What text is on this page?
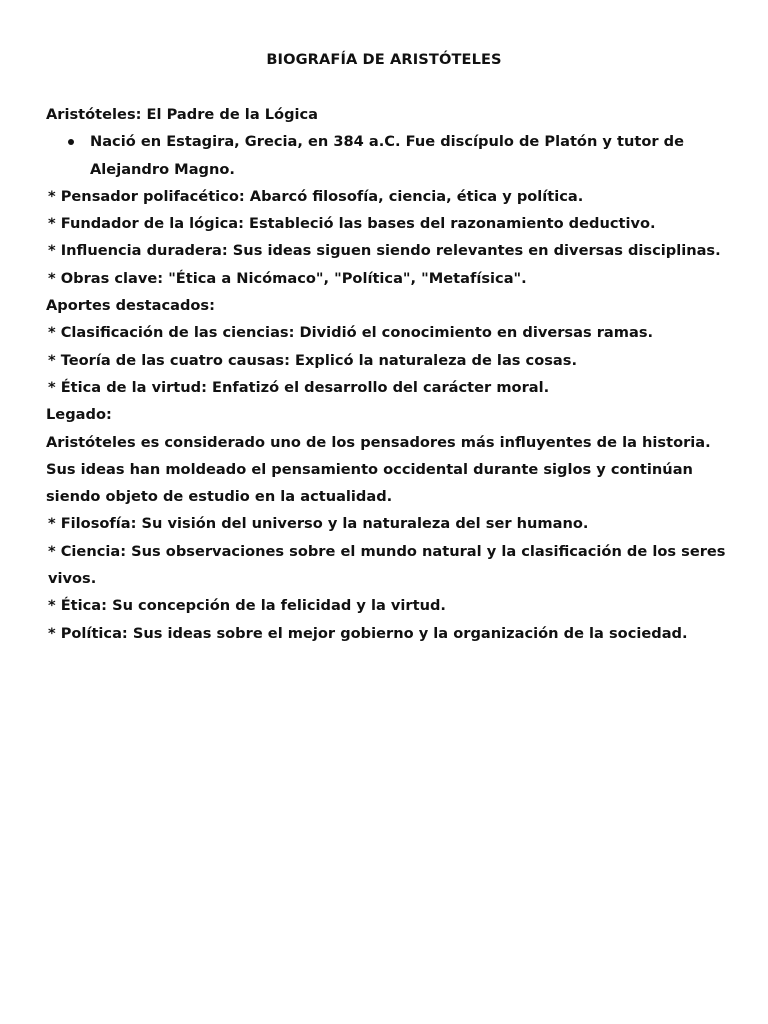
BIOGRAFÍA DE ARISTÓTELES
Aristóteles: El Padre de la Lógica
Nació en Estagira, Grecia, en 384 a.C. Fue discípulo de Platón y tutor de Alejandro Magno.
* Pensador polifacético: Abarcó filosofía, ciencia, ética y política.
* Fundador de la lógica: Estableció las bases del razonamiento deductivo.
* Influencia duradera: Sus ideas siguen siendo relevantes en diversas disciplinas.
* Obras clave: "Ética a Nicómaco", "Política", "Metafísica".
Aportes destacados:
* Clasificación de las ciencias: Dividió el conocimiento en diversas ramas.
* Teoría de las cuatro causas: Explicó la naturaleza de las cosas.
* Ética de la virtud: Enfatizó el desarrollo del carácter moral.
Legado:
Aristóteles es considerado uno de los pensadores más influyentes de la historia. Sus ideas han moldeado el pensamiento occidental durante siglos y continúan siendo objeto de estudio en la actualidad.
* Filosofía: Su visión del universo y la naturaleza del ser humano.
* Ciencia: Sus observaciones sobre el mundo natural y la clasificación de los seres vivos.
* Ética: Su concepción de la felicidad y la virtud.
* Política: Sus ideas sobre el mejor gobierno y la organización de la sociedad.
